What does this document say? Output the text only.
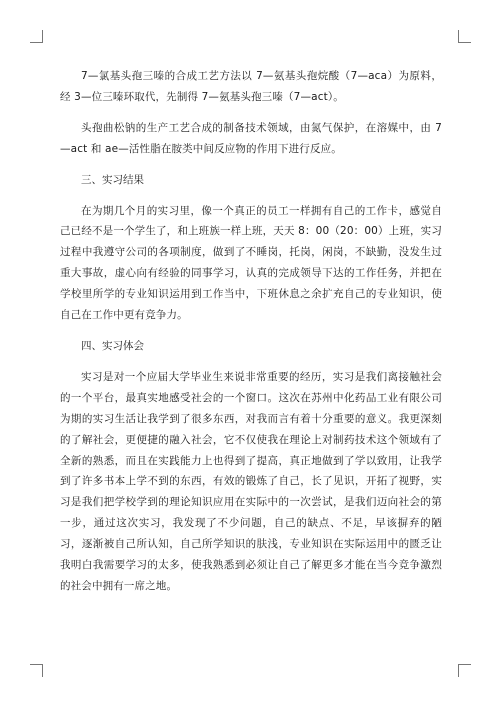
7—氯基头孢三嗪的合成工艺方法以 7—氨基头孢烷酸（7—aca）为原料，经 3—位三嗪环取代，先制得 7—氨基头孢三嗪（7—act）。

头孢曲松钠的生产工艺合成的制备技术领域，由氮气保护，在溶媒中，由 7—act 和 ae—活性脂在胺类中间反应物的作用下进行反应。

三、实习结果

在为期几个月的实习里，像一个真正的员工一样拥有自己的工作卡，感觉自己已经不是一个学生了，和上班族一样上班，天天 8：00（20：00）上班，实习过程中我遵守公司的各项制度，做到了不睡岗，托岗，闲岗，不缺勤，没发生过重大事故，虚心向有经验的同事学习，认真的完成领导下达的工作任务，并把在学校里所学的专业知识运用到工作当中，下班休息之余扩充自己的专业知识，使自己在工作中更有竞争力。

四、实习体会

实习是对一个应届大学毕业生来说非常重要的经历，实习是我们离接触社会的一个平台，最真实地感受社会的一个窗口。这次在苏州中化药品工业有限公司为期的实习生活让我学到了很多东西，对我而言有着十分重要的意义。我更深刻的了解社会，更便捷的融入社会，它不仅使我在理论上对制药技术这个领域有了全新的熟悉，而且在实践能力上也得到了提高，真正地做到了学以致用，让我学到了许多书本上学不到的东西，有效的锻炼了自己，长了见识，开拓了视野，实习是我们把学校学到的理论知识应用在实际中的一次尝试，是我们迈向社会的第一步，通过这次实习，我发现了不少问题，自己的缺点、不足，早该摒弃的陋习，逐渐被自己所认知，自己所学知识的肤浅，专业知识在实际运用中的匮乏让我明白我需要学习的太多，使我熟悉到必须让自己了解更多才能在当今竞争激烈的社会中拥有一席之地。
